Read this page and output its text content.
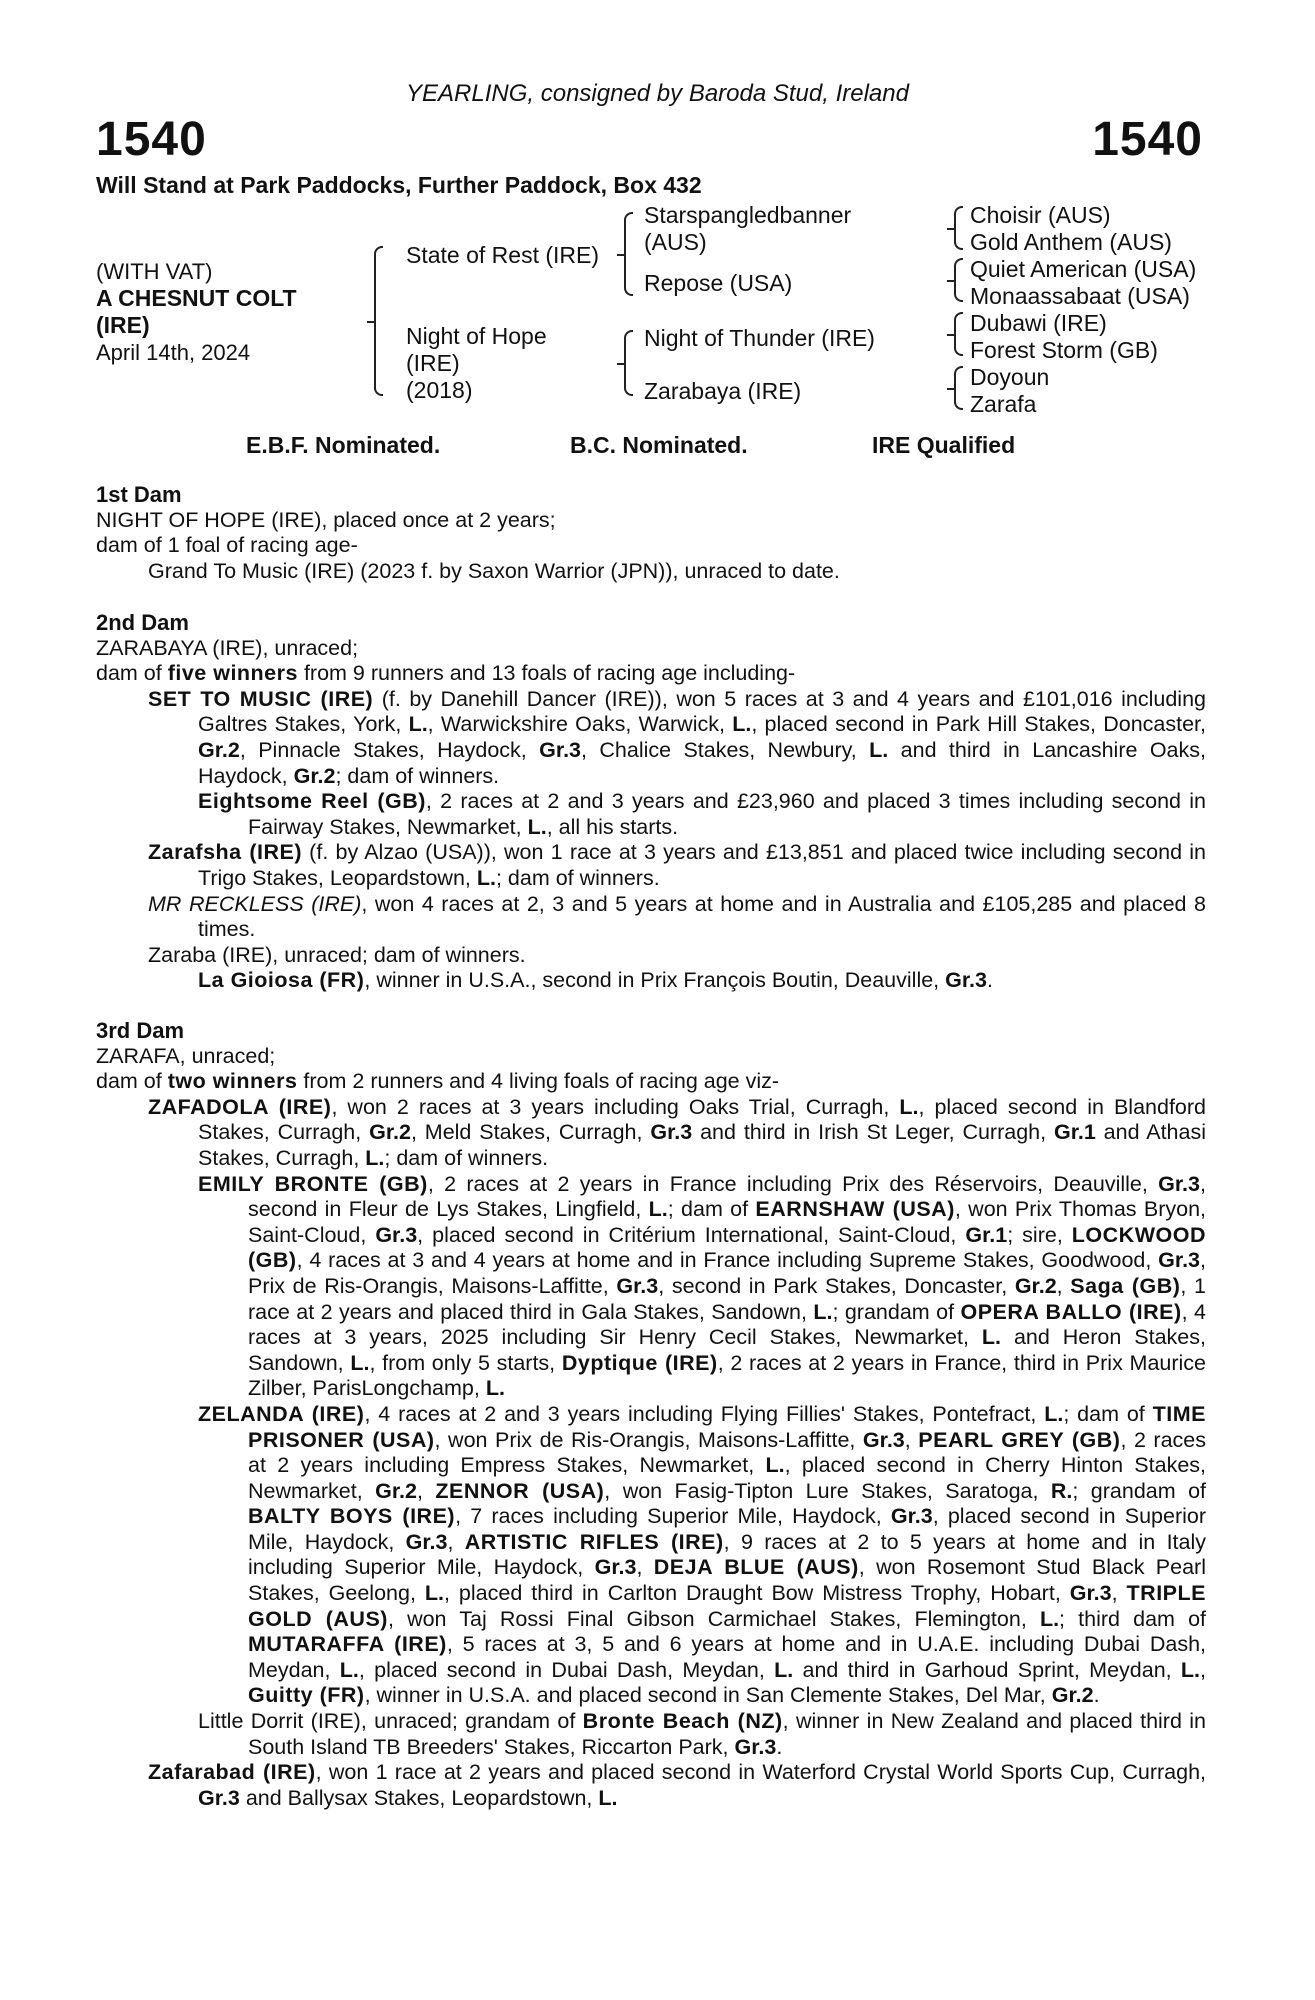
YEARLING, consigned by Baroda Stud, Ireland
1540	1540
Will Stand at Park Paddocks, Further Paddock, Box 432
(WITH VAT)
A CHESNUT COLT
(IRE)
April 14th, 2024
State of Rest (IRE)
Night of Hope
(IRE)
(2018)
Starspangledbanner
(AUS)
Repose (USA)
Night of Thunder (IRE)
Zarabaya (IRE)
Choisir (AUS)
Gold Anthem (AUS)
Quiet American (USA)
Monaassabaat (USA)
Dubawi (IRE)
Forest Storm (GB)
Doyoun
Zarafa
E.B.F. Nominated.	B.C. Nominated.	IRE Qualified
1st Dam
NIGHT OF HOPE (IRE), placed once at 2 years;
dam of 1 foal of racing age-
Grand To Music (IRE) (2023 f. by Saxon Warrior (JPN)), unraced to date.
2nd Dam
ZARABAYA (IRE), unraced;
dam of five winners from 9 runners and 13 foals of racing age including-
SET TO MUSIC (IRE) (f. by Danehill Dancer (IRE)), won 5 races at 3 and 4 years and £101,016 including Galtres Stakes, York, L., Warwickshire Oaks, Warwick, L., placed second in Park Hill Stakes, Doncaster, Gr.2, Pinnacle Stakes, Haydock, Gr.3, Chalice Stakes, Newbury, L. and third in Lancashire Oaks, Haydock, Gr.2; dam of winners.
Eightsome Reel (GB), 2 races at 2 and 3 years and £23,960 and placed 3 times including second in Fairway Stakes, Newmarket, L., all his starts.
Zarafsha (IRE) (f. by Alzao (USA)), won 1 race at 3 years and £13,851 and placed twice including second in Trigo Stakes, Leopardstown, L.; dam of winners.
MR RECKLESS (IRE), won 4 races at 2, 3 and 5 years at home and in Australia and £105,285 and placed 8 times.
Zaraba (IRE), unraced; dam of winners.
La Gioiosa (FR), winner in U.S.A., second in Prix François Boutin, Deauville, Gr.3.
3rd Dam
ZARAFA, unraced;
dam of two winners from 2 runners and 4 living foals of racing age viz-
ZAFADOLA (IRE), won 2 races at 3 years including Oaks Trial, Curragh, L., placed second in Blandford Stakes, Curragh, Gr.2, Meld Stakes, Curragh, Gr.3 and third in Irish St Leger, Curragh, Gr.1 and Athasi Stakes, Curragh, L.; dam of winners.
EMILY BRONTE (GB), 2 races at 2 years in France including Prix des Réservoirs, Deauville, Gr.3, second in Fleur de Lys Stakes, Lingfield, L.; dam of EARNSHAW (USA), won Prix Thomas Bryon, Saint-Cloud, Gr.3, placed second in Critérium International, Saint-Cloud, Gr.1; sire, LOCKWOOD (GB), 4 races at 3 and 4 years at home and in France including Supreme Stakes, Goodwood, Gr.3, Prix de Ris-Orangis, Maisons-Laffitte, Gr.3, second in Park Stakes, Doncaster, Gr.2, Saga (GB), 1 race at 2 years and placed third in Gala Stakes, Sandown, L.; grandam of OPERA BALLO (IRE), 4 races at 3 years, 2025 including Sir Henry Cecil Stakes, Newmarket, L. and Heron Stakes, Sandown, L., from only 5 starts, Dyptique (IRE), 2 races at 2 years in France, third in Prix Maurice Zilber, ParisLongchamp, L.
ZELANDA (IRE), 4 races at 2 and 3 years including Flying Fillies' Stakes, Pontefract, L.; dam of TIME PRISONER (USA), won Prix de Ris-Orangis, Maisons-Laffitte, Gr.3, PEARL GREY (GB), 2 races at 2 years including Empress Stakes, Newmarket, L., placed second in Cherry Hinton Stakes, Newmarket, Gr.2, ZENNOR (USA), won Fasig-Tipton Lure Stakes, Saratoga, R.; grandam of BALTY BOYS (IRE), 7 races including Superior Mile, Haydock, Gr.3, placed second in Superior Mile, Haydock, Gr.3, ARTISTIC RIFLES (IRE), 9 races at 2 to 5 years at home and in Italy including Superior Mile, Haydock, Gr.3, DEJA BLUE (AUS), won Rosemont Stud Black Pearl Stakes, Geelong, L., placed third in Carlton Draught Bow Mistress Trophy, Hobart, Gr.3, TRIPLE GOLD (AUS), won Taj Rossi Final Gibson Carmichael Stakes, Flemington, L.; third dam of MUTARAFFA (IRE), 5 races at 3, 5 and 6 years at home and in U.A.E. including Dubai Dash, Meydan, L., placed second in Dubai Dash, Meydan, L. and third in Garhoud Sprint, Meydan, L., Guitty (FR), winner in U.S.A. and placed second in San Clemente Stakes, Del Mar, Gr.2.
Little Dorrit (IRE), unraced; grandam of Bronte Beach (NZ), winner in New Zealand and placed third in South Island TB Breeders' Stakes, Riccarton Park, Gr.3.
Zafarabad (IRE), won 1 race at 2 years and placed second in Waterford Crystal World Sports Cup, Curragh, Gr.3 and Ballysax Stakes, Leopardstown, L.
